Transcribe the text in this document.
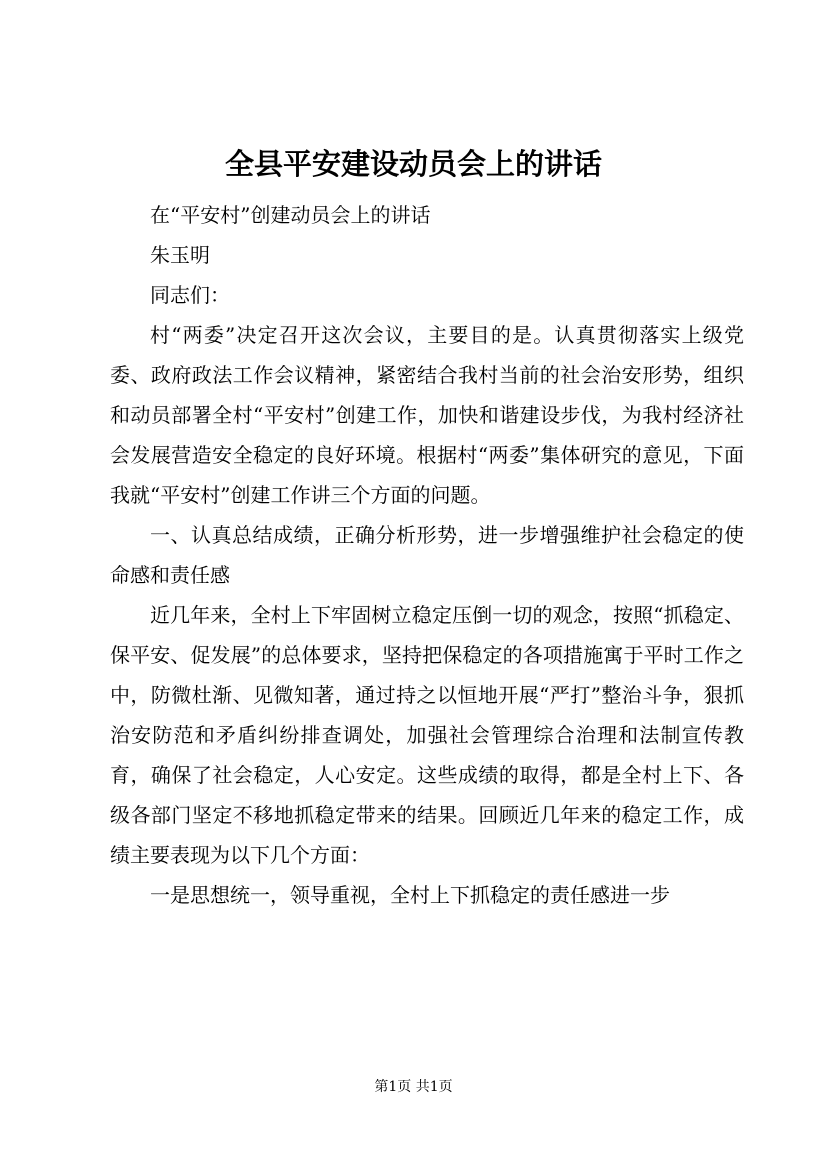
全县平安建设动员会上的讲话

在“平安村”创建动员会上的讲话

朱玉明

同志们：

村“两委”决定召开这次会议，主要目的是。认真贯彻落实上级党委、政府政法工作会议精神，紧密结合我村当前的社会治安形势，组织和动员部署全村“平安村”创建工作，加快和谐建设步伐，为我村经济社会发展营造安全稳定的良好环境。根据村“两委”集体研究的意见，下面我就“平安村”创建工作讲三个方面的问题。

一、认真总结成绩，正确分析形势，进一步增强维护社会稳定的使命感和责任感

近几年来，全村上下牢固树立稳定压倒一切的观念，按照“抓稳定、保平安、促发展”的总体要求，坚持把保稳定的各项措施寓于平时工作之中，防微杜渐、见微知著，通过持之以恒地开展“严打”整治斗争，狠抓治安防范和矛盾纠纷排查调处，加强社会管理综合治理和法制宣传教育，确保了社会稳定，人心安定。这些成绩的取得，都是全村上下、各级各部门坚定不移地抓稳定带来的结果。回顾近几年来的稳定工作，成绩主要表现为以下几个方面：

一是思想统一，领导重视，全村上下抓稳定的责任感进一步

第1页 共1页
